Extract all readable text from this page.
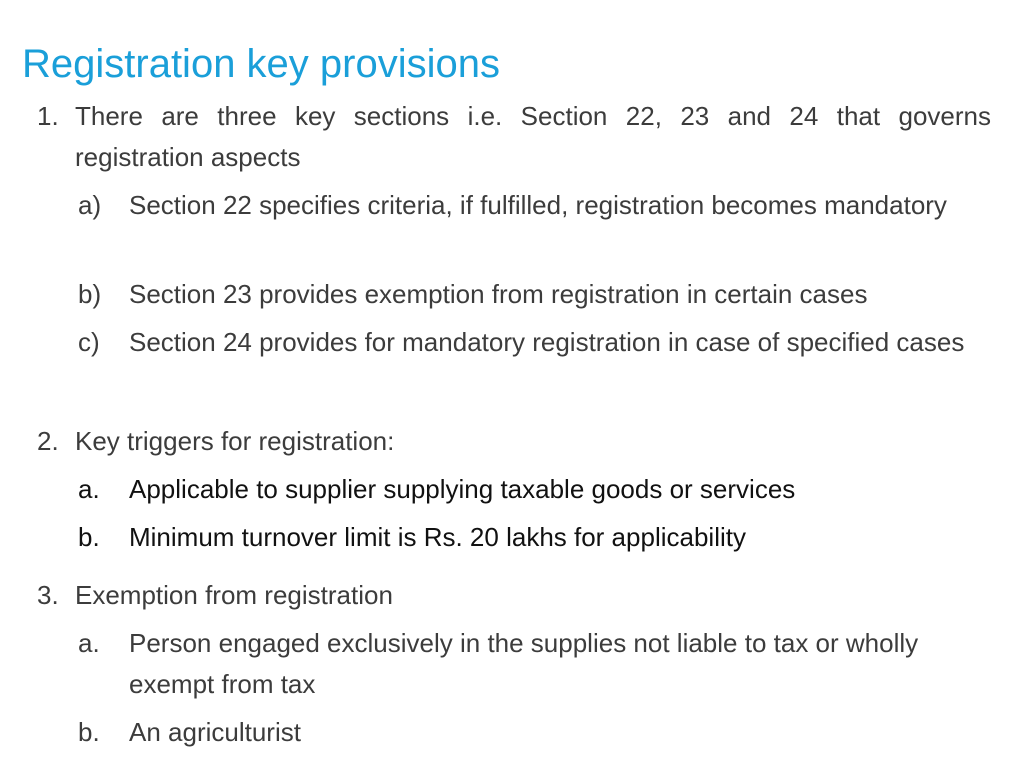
Registration key provisions
1. There are three key sections i.e. Section 22, 23 and 24 that governs registration aspects
a) Section 22 specifies criteria, if fulfilled, registration becomes mandatory
b) Section 23 provides exemption from registration in certain cases
c) Section 24 provides for mandatory registration in case of specified cases
2. Key triggers for registration:
a. Applicable to supplier supplying taxable goods or services
b. Minimum turnover limit is Rs. 20 lakhs for applicability
3. Exemption from registration
a. Person engaged exclusively in the supplies not liable to tax or wholly exempt from tax
b. An agriculturist
